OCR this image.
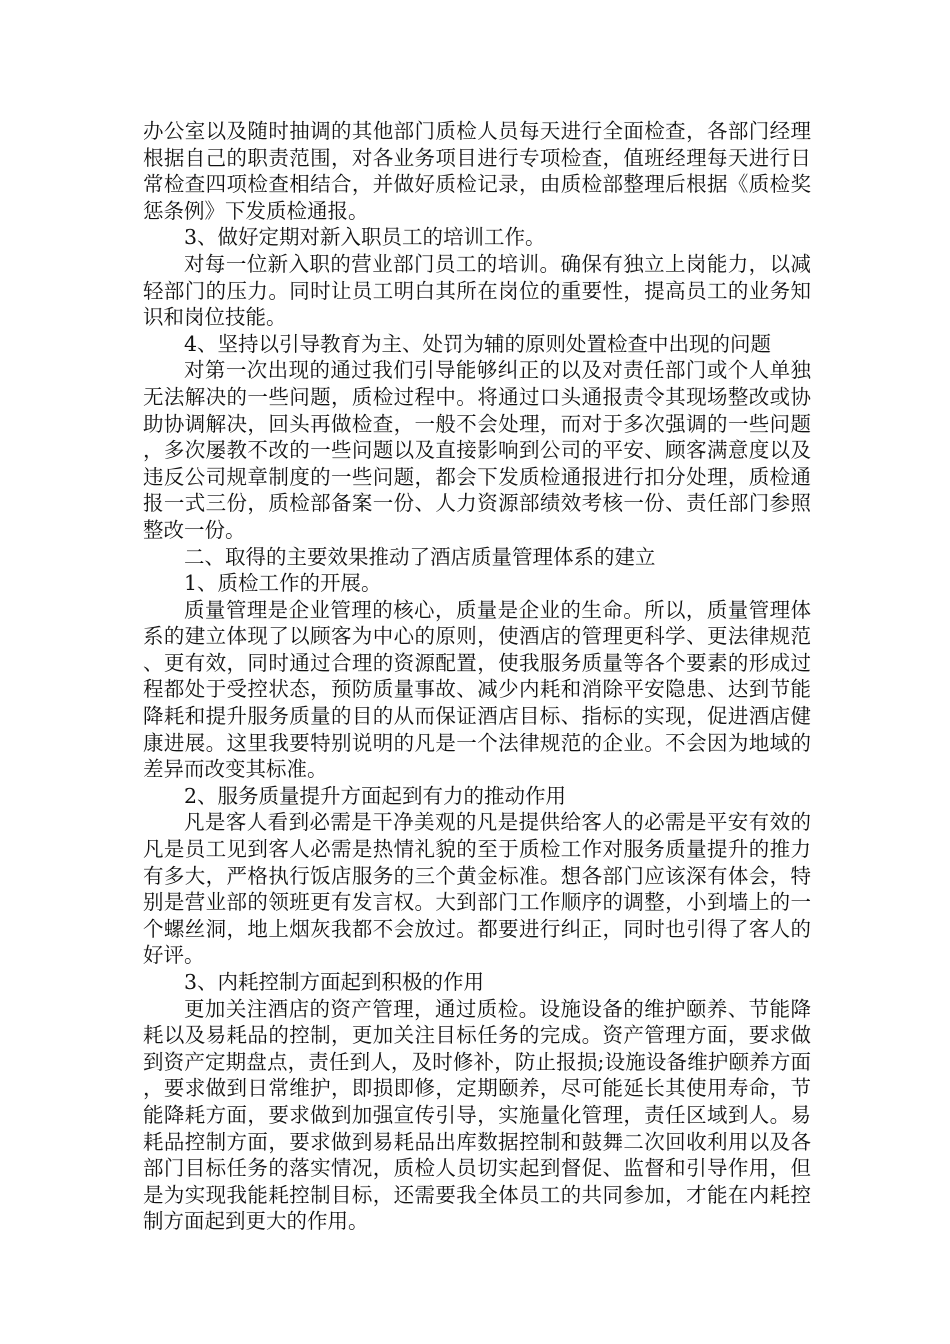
办公室以及随时抽调的其他部门质检人员每天进行全面检查，各部门经理根据自己的职责范围，对各业务项目进行专项检查，值班经理每天进行日常检查四项检查相结合，并做好质检记录，由质检部整理后根据《质检奖惩条例》下发质检通报。

3、做好定期对新入职员工的培训工作。

对每一位新入职的营业部门员工的培训。确保有独立上岗能力，以减轻部门的压力。同时让员工明白其所在岗位的重要性，提高员工的业务知识和岗位技能。

4、坚持以引导教育为主、处罚为辅的原则处置检查中出现的问题

对第一次出现的通过我们引导能够纠正的以及对责任部门或个人单独无法解决的一些问题，质检过程中。将通过口头通报责令其现场整改或协助协调解决，回头再做检查，一般不会处理，而对于多次强调的一些问题，多次屡教不改的一些问题以及直接影响到公司的平安、顾客满意度以及违反公司规章制度的一些问题，都会下发质检通报进行扣分处理，质检通报一式三份，质检部备案一份、人力资源部绩效考核一份、责任部门参照整改一份。

二、取得的主要效果推动了酒店质量管理体系的建立

1、质检工作的开展。

质量管理是企业管理的核心，质量是企业的生命。所以，质量管理体系的建立体现了以顾客为中心的原则，使酒店的管理更科学、更法律规范、更有效，同时通过合理的资源配置，使我服务质量等各个要素的形成过程都处于受控状态，预防质量事故、减少内耗和消除平安隐患、达到节能降耗和提升服务质量的目的从而保证酒店目标、指标的实现，促进酒店健康进展。这里我要特别说明的凡是一个法律规范的企业。不会因为地域的差异而改变其标准。

2、服务质量提升方面起到有力的推动作用

凡是客人看到必需是干净美观的凡是提供给客人的必需是平安有效的凡是员工见到客人必需是热情礼貌的至于质检工作对服务质量提升的推力有多大，严格执行饭店服务的三个黄金标准。想各部门应该深有体会，特别是营业部的领班更有发言权。大到部门工作顺序的调整，小到墙上的一个螺丝洞，地上烟灰我都不会放过。都要进行纠正，同时也引得了客人的好评。

3、内耗控制方面起到积极的作用

更加关注酒店的资产管理，通过质检。设施设备的维护颐养、节能降耗以及易耗品的控制，更加关注目标任务的完成。资产管理方面，要求做到资产定期盘点，责任到人，及时修补，防止报损;设施设备维护颐养方面，要求做到日常维护，即损即修，定期颐养，尽可能延长其使用寿命，节能降耗方面，要求做到加强宣传引导，实施量化管理，责任区域到人。易耗品控制方面，要求做到易耗品出库数据控制和鼓舞二次回收利用以及各部门目标任务的落实情况，质检人员切实起到督促、监督和引导作用，但是为实现我能耗控制目标，还需要我全体员工的共同参加，才能在内耗控制方面起到更大的作用。
